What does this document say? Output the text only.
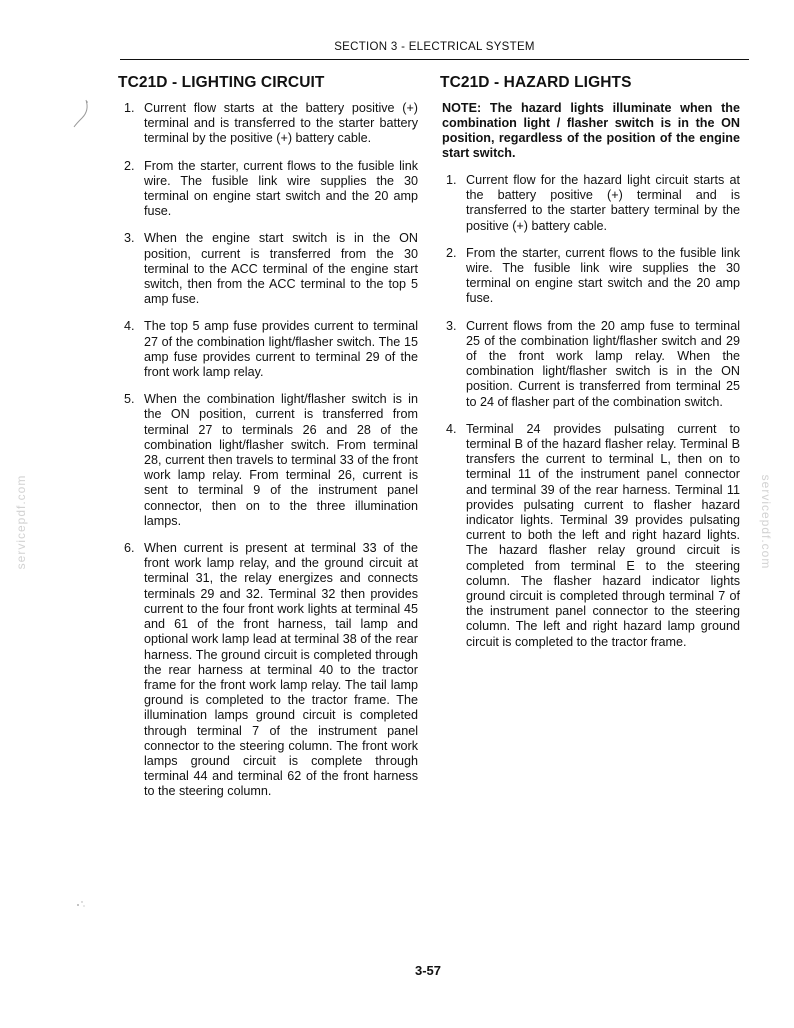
SECTION 3 - ELECTRICAL SYSTEM
TC21D - LIGHTING CIRCUIT
1. Current flow starts at the battery positive (+) terminal and is transferred to the starter battery terminal by the positive (+) battery cable.
2. From the starter, current flows to the fusible link wire. The fusible link wire supplies the 30 terminal on engine start switch and the 20 amp fuse.
3. When the engine start switch is in the ON position, current is transferred from the 30 terminal to the ACC terminal of the engine start switch, then from the ACC terminal to the top 5 amp fuse.
4. The top 5 amp fuse provides current to terminal 27 of the combination light/flasher switch. The 15 amp fuse provides current to terminal 29 of the front work lamp relay.
5. When the combination light/flasher switch is in the ON position, current is transferred from terminal 27 to terminals 26 and 28 of the combination light/flasher switch. From terminal 28, current then travels to terminal 33 of the front work lamp relay. From terminal 26, current is sent to terminal 9 of the instrument panel connector, then on to the three illumination lamps.
6. When current is present at terminal 33 of the front work lamp relay, and the ground circuit at terminal 31, the relay energizes and connects terminals 29 and 32. Terminal 32 then provides current to the four front work lights at terminal 45 and 61 of the front harness, tail lamp and optional work lamp lead at terminal 38 of the rear harness. The ground circuit is completed through the rear harness at terminal 40 to the tractor frame for the front work lamp relay. The tail lamp ground is completed to the tractor frame. The illumination lamps ground circuit is completed through terminal 7 of the instrument panel connector to the steering column. The front work lamps ground circuit is complete through terminal 44 and terminal 62 of the front harness to the steering column.
TC21D - HAZARD LIGHTS
NOTE: The hazard lights illuminate when the combination light / flasher switch is in the ON position, regardless of the position of the engine start switch.
1. Current flow for the hazard light circuit starts at the battery positive (+) terminal and is transferred to the starter battery terminal by the positive (+) battery cable.
2. From the starter, current flows to the fusible link wire. The fusible link wire supplies the 30 terminal on engine start switch and the 20 amp fuse.
3. Current flows from the 20 amp fuse to terminal 25 of the combination light/flasher switch and 29 of the front work lamp relay. When the combination light/flasher switch is in the ON position. Current is transferred from terminal 25 to 24 of flasher part of the combination switch.
4. Terminal 24 provides pulsating current to terminal B of the hazard flasher relay. Terminal B transfers the current to terminal L, then on to terminal 11 of the instrument panel connector and terminal 39 of the rear harness. Terminal 11 provides pulsating current to flasher hazard indicator lights. Terminal 39 provides pulsating current to both the left and right hazard lights. The hazard flasher relay ground circuit is completed from terminal E to the steering column. The flasher hazard indicator lights ground circuit is completed through terminal 7 of the instrument panel connector to the steering column. The left and right hazard lamp ground circuit is completed to the tractor frame.
servicepdf.com	servicepdf.com
3-57
